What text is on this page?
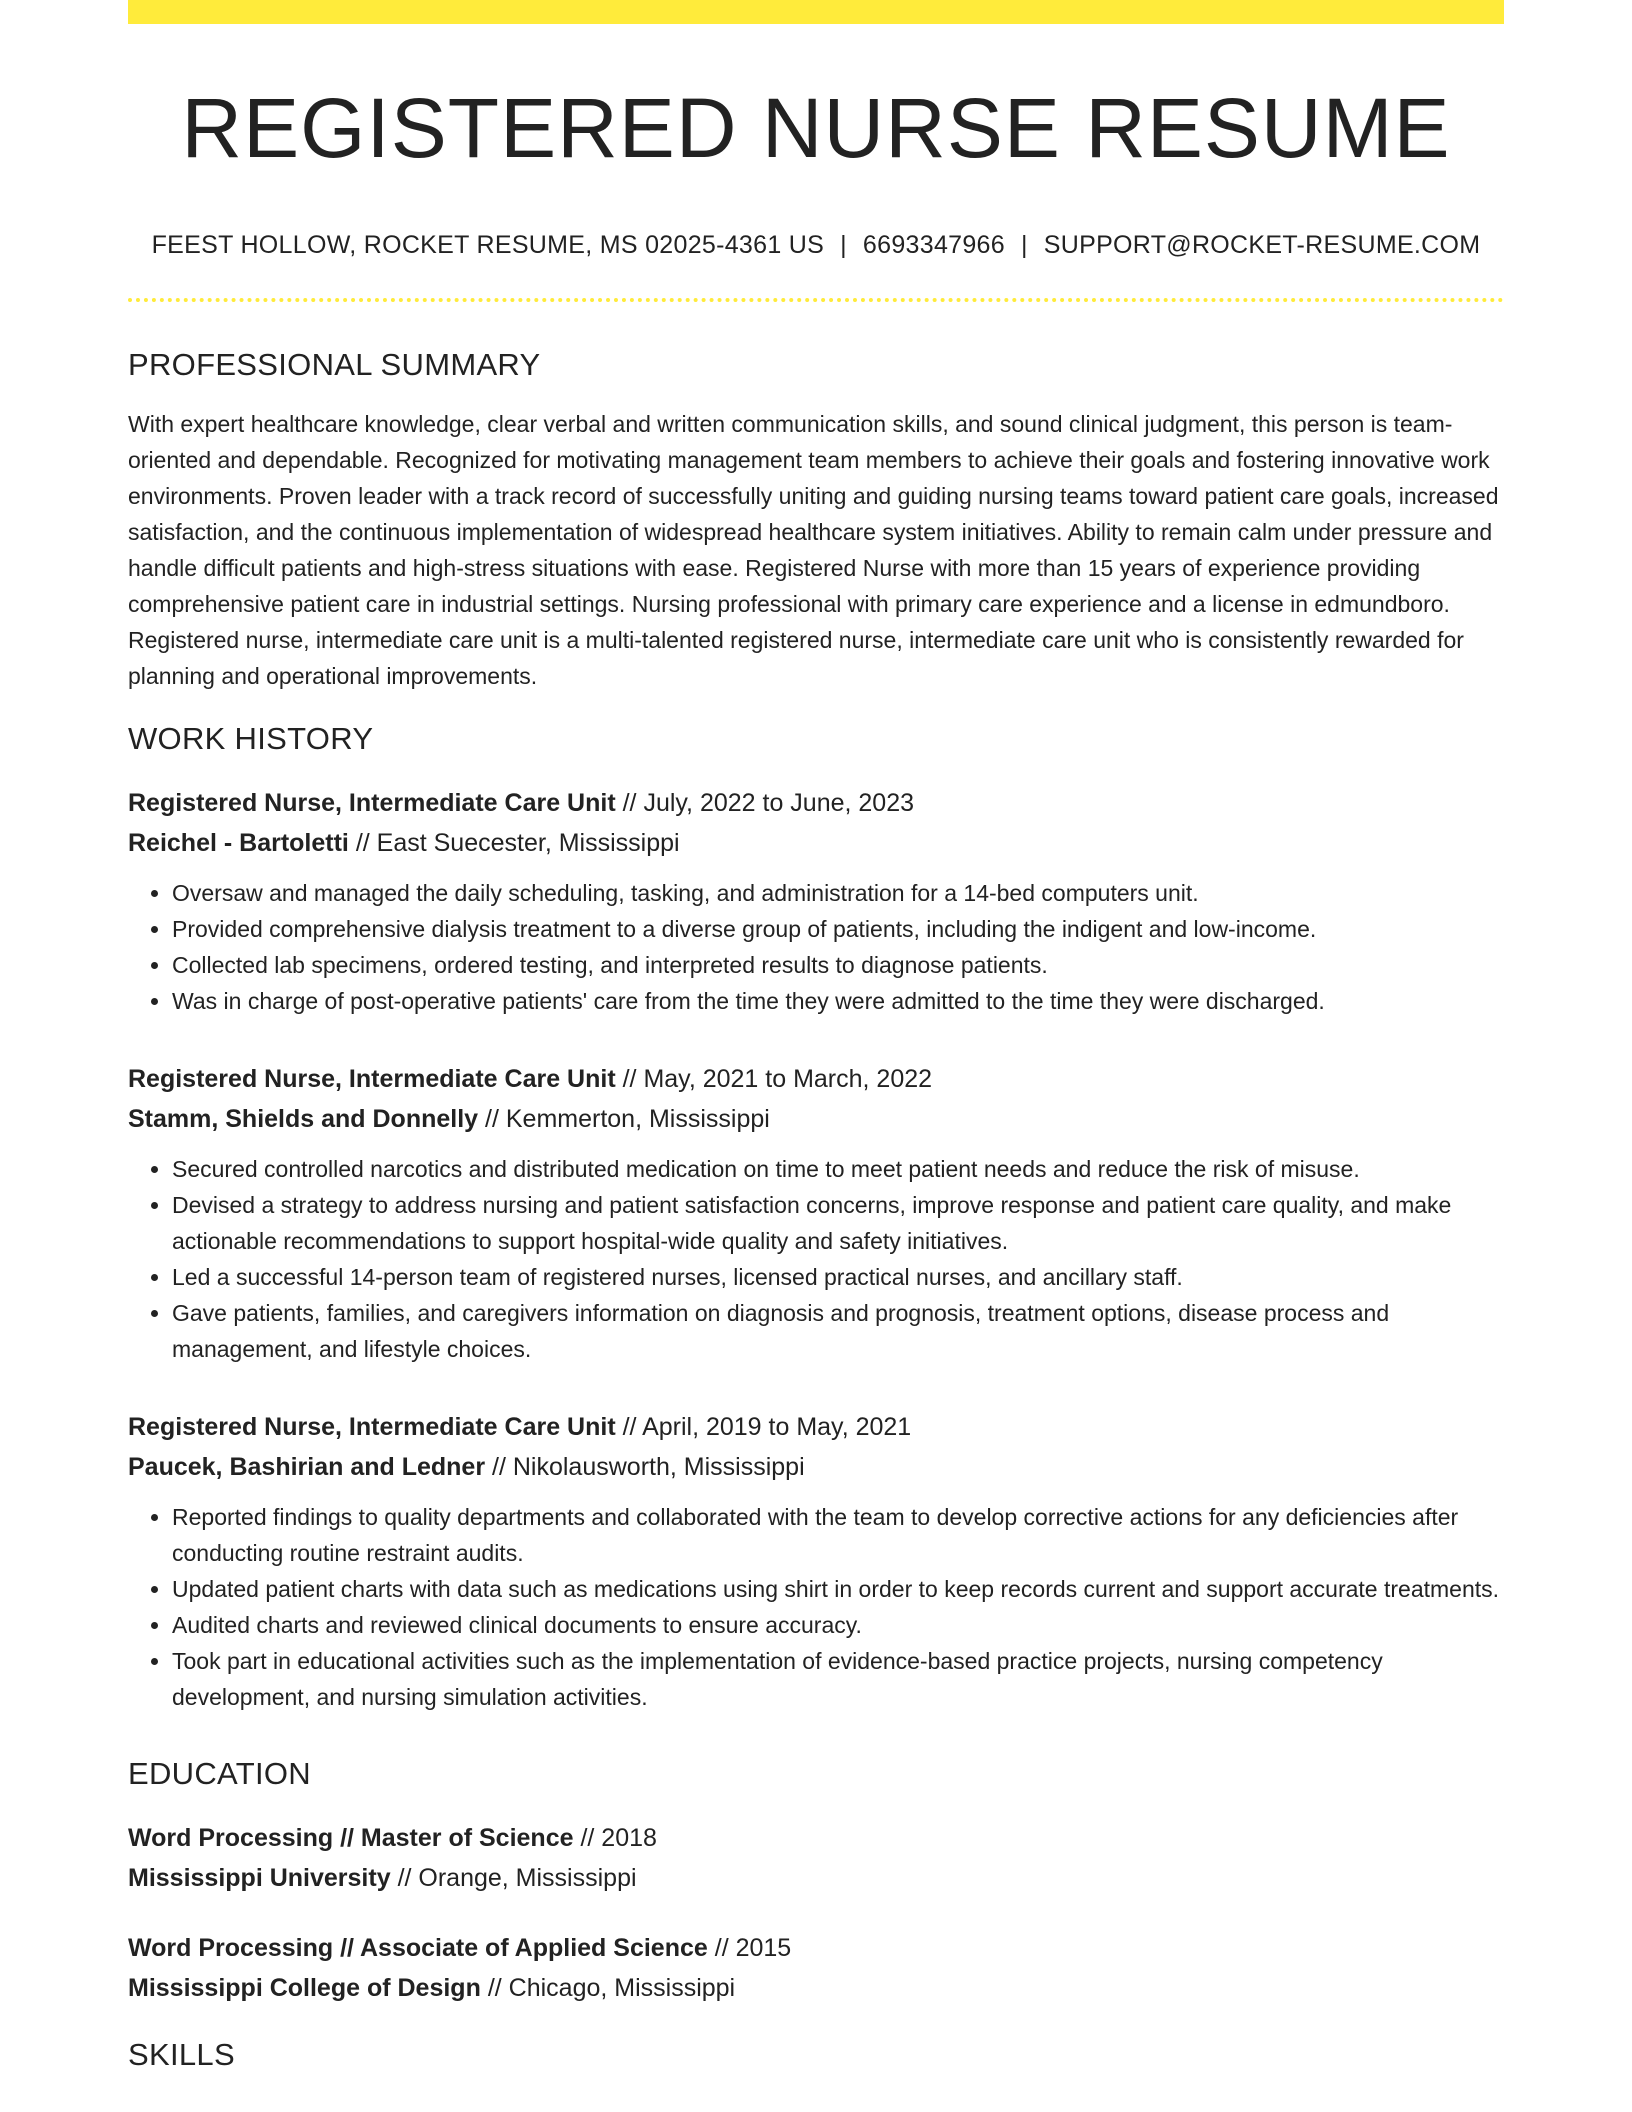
REGISTERED NURSE RESUME
FEEST HOLLOW, ROCKET RESUME, MS 02025-4361 US | 6693347966 | SUPPORT@ROCKET-RESUME.COM
PROFESSIONAL SUMMARY

With expert healthcare knowledge, clear verbal and written communication skills, and sound clinical judgment, this person is team-oriented and dependable. Recognized for motivating management team members to achieve their goals and fostering innovative work environments. Proven leader with a track record of successfully uniting and guiding nursing teams toward patient care goals, increased satisfaction, and the continuous implementation of widespread healthcare system initiatives. Ability to remain calm under pressure and handle difficult patients and high-stress situations with ease. Registered Nurse with more than 15 years of experience providing comprehensive patient care in industrial settings. Nursing professional with primary care experience and a license in edmundboro. Registered nurse, intermediate care unit is a multi-talented registered nurse, intermediate care unit who is consistently rewarded for planning and operational improvements.

WORK HISTORY
Registered Nurse, Intermediate Care Unit // July, 2022 to June, 2023
Reichel - Bartoletti // East Suecester, Mississippi
• Oversaw and managed the daily scheduling, tasking, and administration for a 14-bed computers unit.
• Provided comprehensive dialysis treatment to a diverse group of patients, including the indigent and low-income.
• Collected lab specimens, ordered testing, and interpreted results to diagnose patients.
• Was in charge of post-operative patients' care from the time they were admitted to the time they were discharged.
Registered Nurse, Intermediate Care Unit // May, 2021 to March, 2022
Stamm, Shields and Donnelly // Kemmerton, Mississippi
• Secured controlled narcotics and distributed medication on time to meet patient needs and reduce the risk of misuse.
• Devised a strategy to address nursing and patient satisfaction concerns, improve response and patient care quality, and make actionable recommendations to support hospital-wide quality and safety initiatives.
• Led a successful 14-person team of registered nurses, licensed practical nurses, and ancillary staff.
• Gave patients, families, and caregivers information on diagnosis and prognosis, treatment options, disease process and management, and lifestyle choices.
Registered Nurse, Intermediate Care Unit // April, 2019 to May, 2021
Paucek, Bashirian and Ledner // Nikolausworth, Mississippi
• Reported findings to quality departments and collaborated with the team to develop corrective actions for any deficiencies after conducting routine restraint audits.
• Updated patient charts with data such as medications using shirt in order to keep records current and support accurate treatments.
• Audited charts and reviewed clinical documents to ensure accuracy.
• Took part in educational activities such as the implementation of evidence-based practice projects, nursing competency development, and nursing simulation activities.
EDUCATION
Word Processing // Master of Science // 2018
Mississippi University // Orange, Mississippi
Word Processing // Associate of Applied Science // 2015
Mississippi College of Design // Chicago, Mississippi
SKILLS
